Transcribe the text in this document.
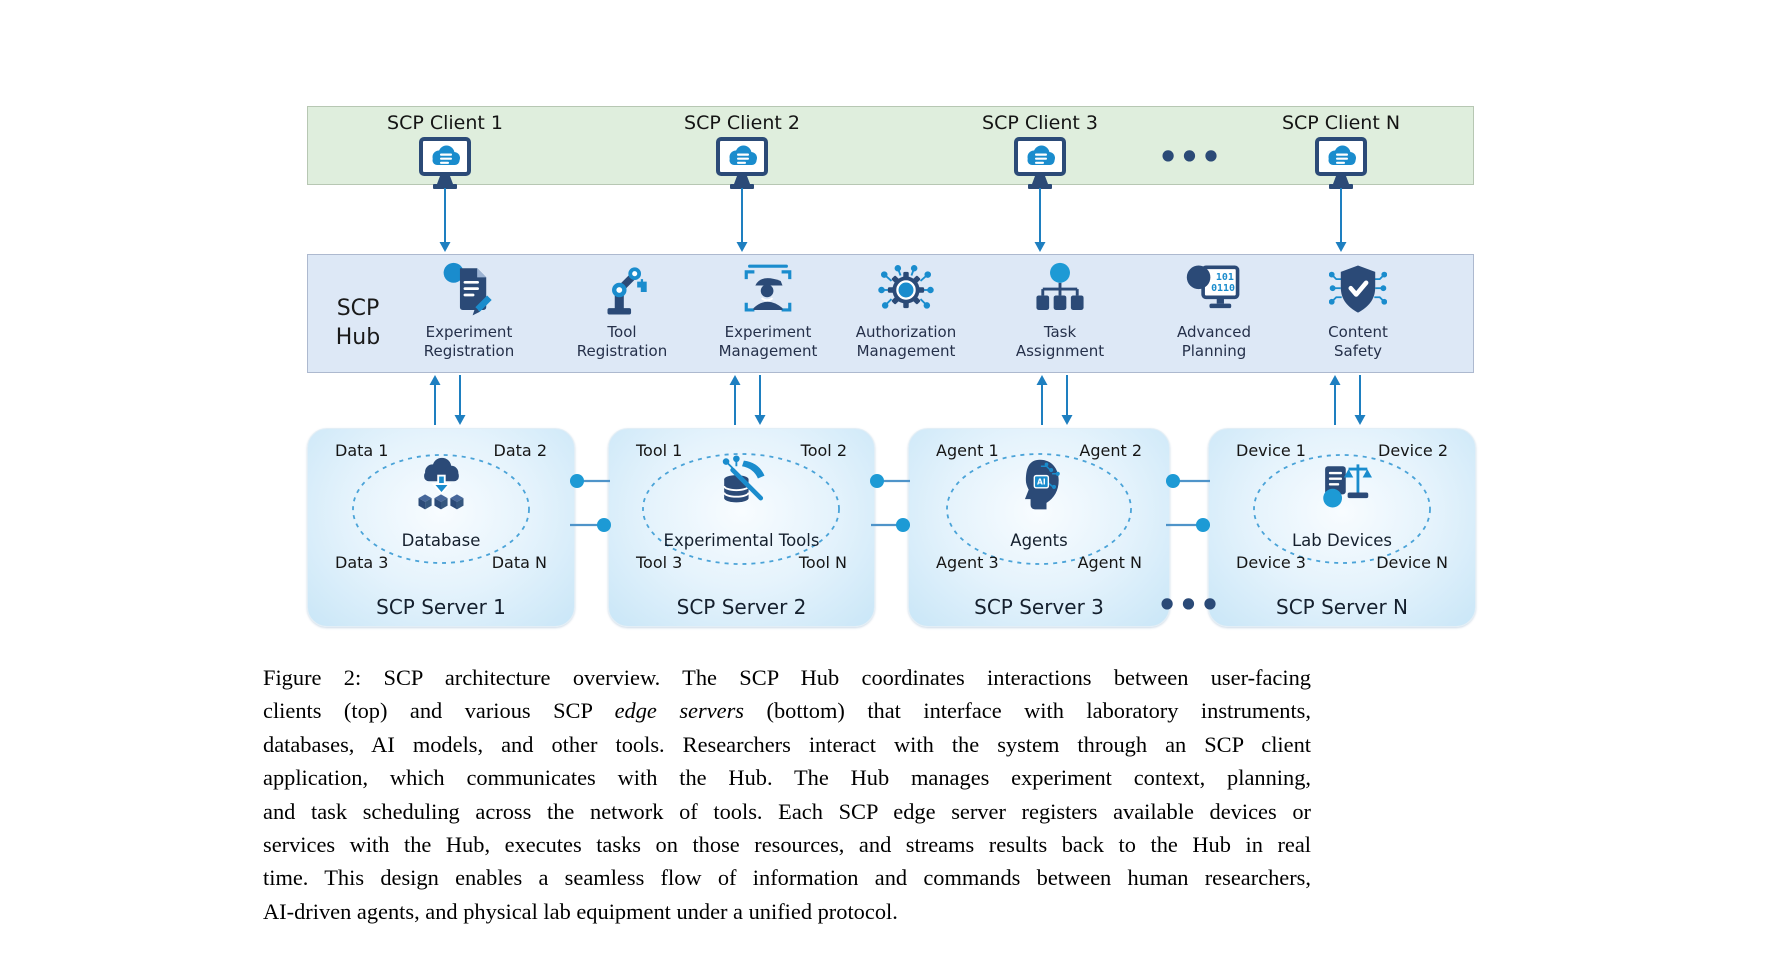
SCP Client 1	SCP Client 2	SCP Client 3	SCP Client N
•••
SCP
Hub	Experiment
Registration
Tool
Registration
Experiment
Management
Authorization
Management
Task
Assignment
101
0110
Advanced
Planning
Content
Safety
Data 1	Data 2
Data 3	Data N
Database
SCP Server 1
Tool 1	Tool 2
Tool 3	Tool N
Experimental Tools
SCP Server 2
Agent 1	Agent 2
Agent 3	Agent N
AI
Agents
SCP Server 3
Device 1	Device 2
Device 3	Device N
Lab Devices
SCP Server N
•••
Figure 2: SCP architecture overview. The SCP Hub coordinates interactions between user-facing
clients (top) and various SCP edge servers (bottom) that interface with laboratory instruments,
databases, AI models, and other tools. Researchers interact with the system through an SCP client
application, which communicates with the Hub. The Hub manages experiment context, planning,
and task scheduling across the network of tools. Each SCP edge server registers available devices or
services with the Hub, executes tasks on those resources, and streams results back to the Hub in real
time. This design enables a seamless flow of information and commands between human researchers,
AI-driven agents, and physical lab equipment under a unified protocol.
